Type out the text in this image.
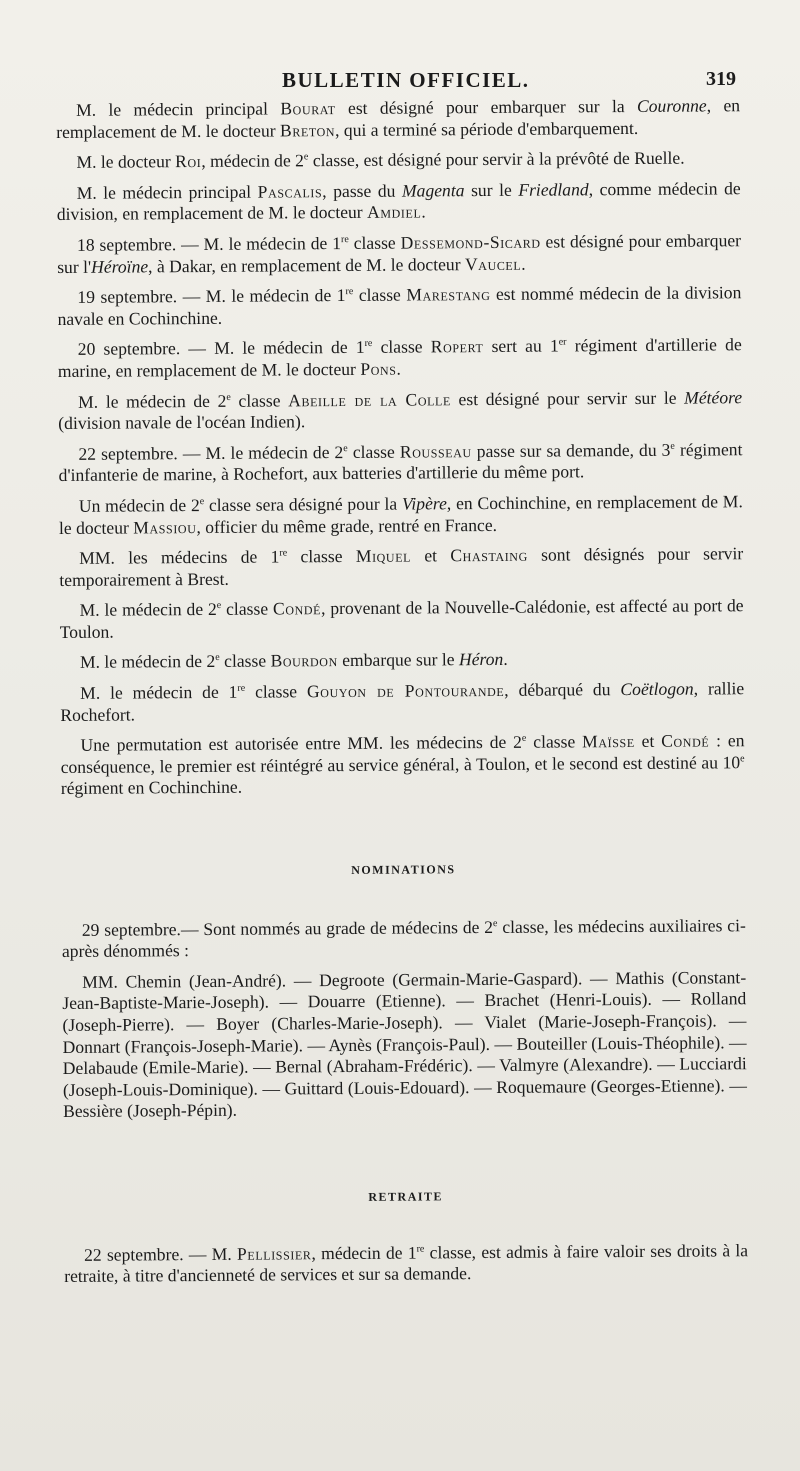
BULLETIN OFFICIEL.	319

M. le médecin principal Bourat est désigné pour embarquer sur la Couronne, en remplacement de M. le docteur Breton, qui a terminé sa période d'embarquement.

M. le docteur Roi, médecin de 2e classe, est désigné pour servir à la prévôté de Ruelle.

M. le médecin principal Pascalis, passe du Magenta sur le Friedland, comme médecin de division, en remplacement de M. le docteur Amdiel.

18 septembre. — M. le médecin de 1re classe Dessemond-Sicard est désigné pour embarquer sur l'Héroïne, à Dakar, en remplacement de M. le docteur Vaucel.

19 septembre. — M. le médecin de 1re classe Marestang est nommé médecin de la division navale en Cochinchine.

20 septembre. — M. le médecin de 1re classe Ropert sert au 1er régiment d'artillerie de marine, en remplacement de M. le docteur Pons.

M. le médecin de 2e classe Abeille de la Colle est désigné pour servir sur le Météore (division navale de l'océan Indien).

22 septembre. — M. le médecin de 2e classe Rousseau passe sur sa demande, du 3e régiment d'infanterie de marine, à Rochefort, aux batteries d'artillerie du même port.

Un médecin de 2e classe sera désigné pour la Vipère, en Cochinchine, en remplacement de M. le docteur Massiou, officier du même grade, rentré en France.

MM. les médecins de 1re classe Miquel et Chastaing sont désignés pour servir temporairement à Brest.

M. le médecin de 2e classe Condé, provenant de la Nouvelle-Calédonie, est affecté au port de Toulon.

M. le médecin de 2e classe Bourdon embarque sur le Héron.

M. le médecin de 1re classe Gouyon de Pontourande, débarqué du Coëtlogon, rallie Rochefort.

Une permutation est autorisée entre MM. les médecins de 2e classe Maïsse et Condé : en conséquence, le premier est réintégré au service général, à Toulon, et le second est destiné au 10e régiment en Cochinchine.

NOMINATIONS

29 septembre.— Sont nommés au grade de médecins de 2e classe, les médecins auxiliaires ci-après dénommés :

MM. Chemin (Jean-André). — Degroote (Germain-Marie-Gaspard). — Mathis (Constant-Jean-Baptiste-Marie-Joseph). — Douarre (Etienne). — Brachet (Henri-Louis). — Rolland (Joseph-Pierre). — Boyer (Charles-Marie-Joseph). — Vialet (Marie-Joseph-François). — Donnart (François-Joseph-Marie). — Aynès (François-Paul). — Bouteiller (Louis-Théophile). — Delabaude (Emile-Marie). — Bernal (Abraham-Frédéric). — Valmyre (Alexandre). — Lucciardi (Joseph-Louis-Dominique). — Guittard (Louis-Edouard). — Roquemaure (Georges-Etienne). — Bessière (Joseph-Pépin).

RETRAITE

22 septembre. — M. Pellissier, médecin de 1re classe, est admis à faire valoir ses droits à la retraite, à titre d'ancienneté de services et sur sa demande.
